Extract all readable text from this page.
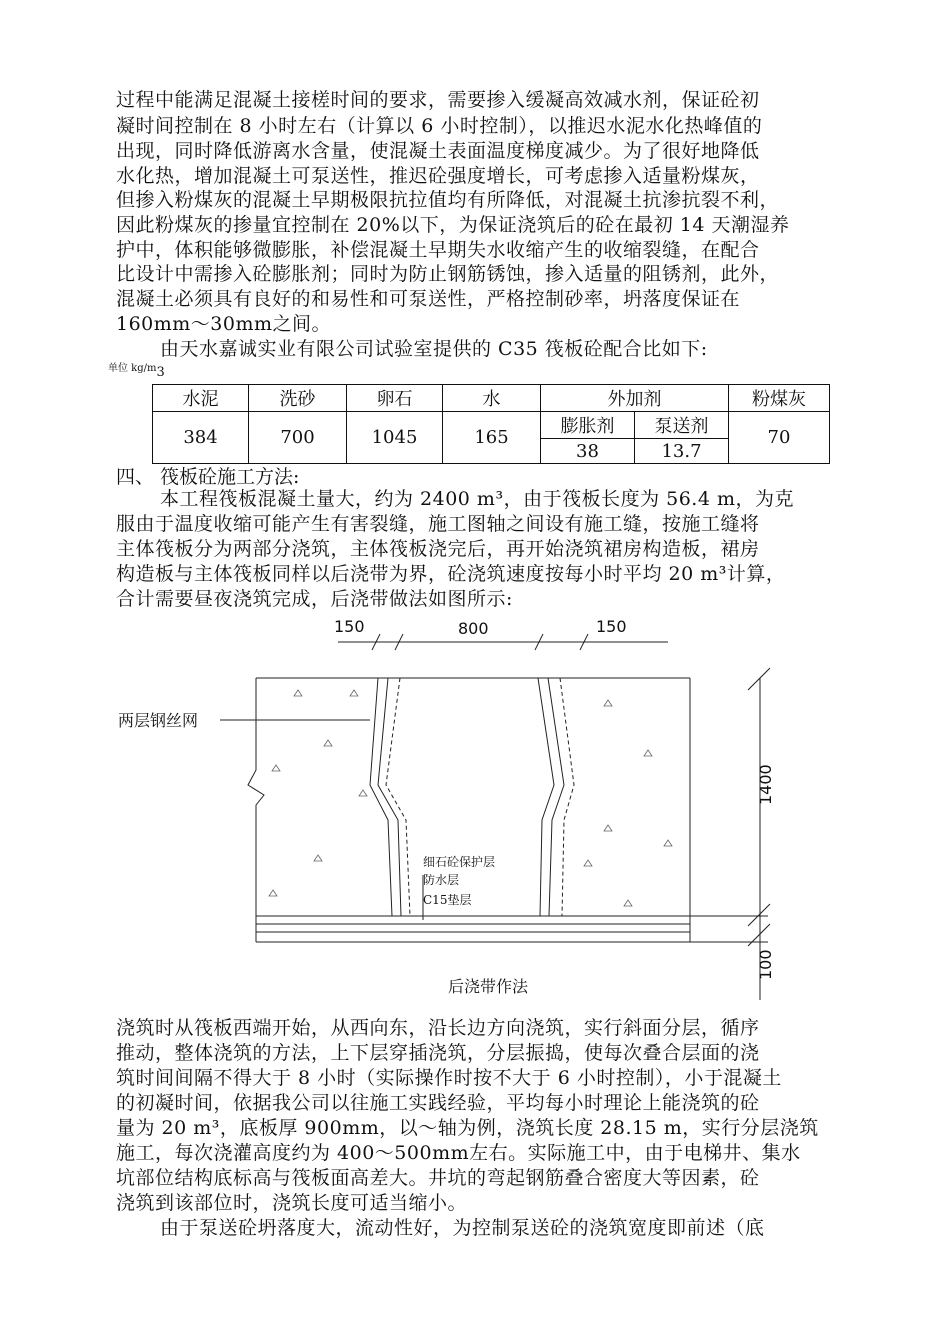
过程中能满足混凝土接槎时间的要求，需要掺入缓凝高效减水剂，保证砼初
凝时间控制在 8 小时左右（计算以 6 小时控制），以推迟水泥水化热峰值的
出现，同时降低游离水含量，使混凝土表面温度梯度减少。为了很好地降低
水化热，增加混凝土可泵送性，推迟砼强度增长，可考虑掺入适量粉煤灰，
但掺入粉煤灰的混凝土早期极限抗拉值均有所降低，对混凝土抗渗抗裂不利，
因此粉煤灰的掺量宜控制在 20%以下，为保证浇筑后的砼在最初 14 天潮湿养
护中，体积能够微膨胀，补偿混凝土早期失水收缩产生的收缩裂缝，在配合
比设计中需掺入砼膨胀剂；同时为防止钢筋锈蚀，掺入适量的阻锈剂，此外，
混凝土必须具有良好的和易性和可泵送性，严格控制砂率，坍落度保证在
160mm～30mm之间。
由天水嘉诚实业有限公司试验室提供的 C35 筏板砼配合比如下:
单位 kg/m3
水泥	洗砂	卵石	水	外加剂		粉煤灰
384	700	1045	165	膨胀剂	泵送剂	70
				38	13.7	
四、 筏板砼施工方法:
本工程筏板混凝土量大，约为 2400 m³，由于筏板长度为 56.4 m，为克
服由于温度收缩可能产生有害裂缝，施工图轴之间设有施工缝，按施工缝将
主体筏板分为两部分浇筑，主体筏板浇完后，再开始浇筑裙房构造板，裙房
构造板与主体筏板同样以后浇带为界，砼浇筑速度按每小时平均 20 m³计算，
合计需要昼夜浇筑完成，后浇带做法如图所示:
150	800	150
1400
100
两层钢丝网
后浇带作法
细石砼保护层
防水层
C15垫层
浇筑时从筏板西端开始，从西向东，沿长边方向浇筑，实行斜面分层，循序
推动，整体浇筑的方法，上下层穿插浇筑，分层振捣，使每次叠合层面的浇
筑时间间隔不得大于 8 小时（实际操作时按不大于 6 小时控制），小于混凝土
的初凝时间，依据我公司以往施工实践经验，平均每小时理论上能浇筑的砼
量为 20 m³，底板厚 900mm，以～轴为例，浇筑长度 28.15 m，实行分层浇筑
施工，每次浇灌高度约为 400～500mm左右。实际施工中，由于电梯井、集水
坑部位结构底标高与筏板面高差大。井坑的弯起钢筋叠合密度大等因素，砼
浇筑到该部位时，浇筑长度可适当缩小。
由于泵送砼坍落度大，流动性好，为控制泵送砼的浇筑宽度即前述（底
